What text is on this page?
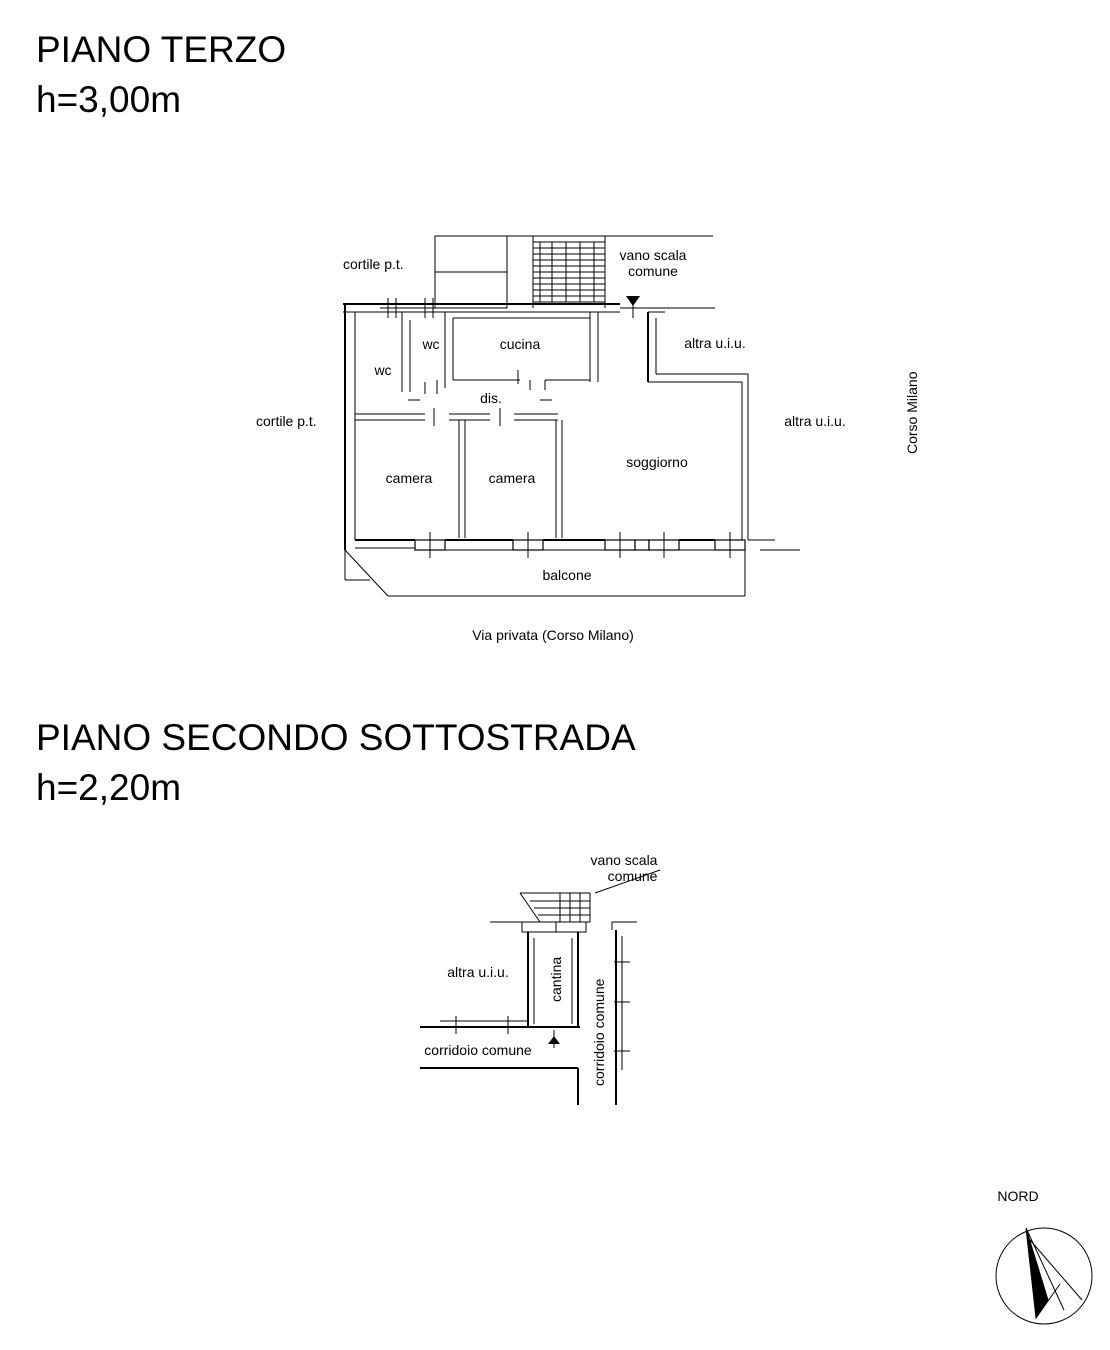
PIANO TERZO
h=3,00m
PIANO SECONDO SOTTOSTRADA
h=2,20m
cortile p.t.
vano scala
comune
wc	cucina
wc
dis.
altra u.i.u.
cortile p.t.	altra u.i.u.	Corso Milano
soggiorno
camera	camera
balcone
Via privata (Corso Milano)
vano scala
comune
altra u.i.u.	cantina
corridoio comune	corridoio comune
NORD
